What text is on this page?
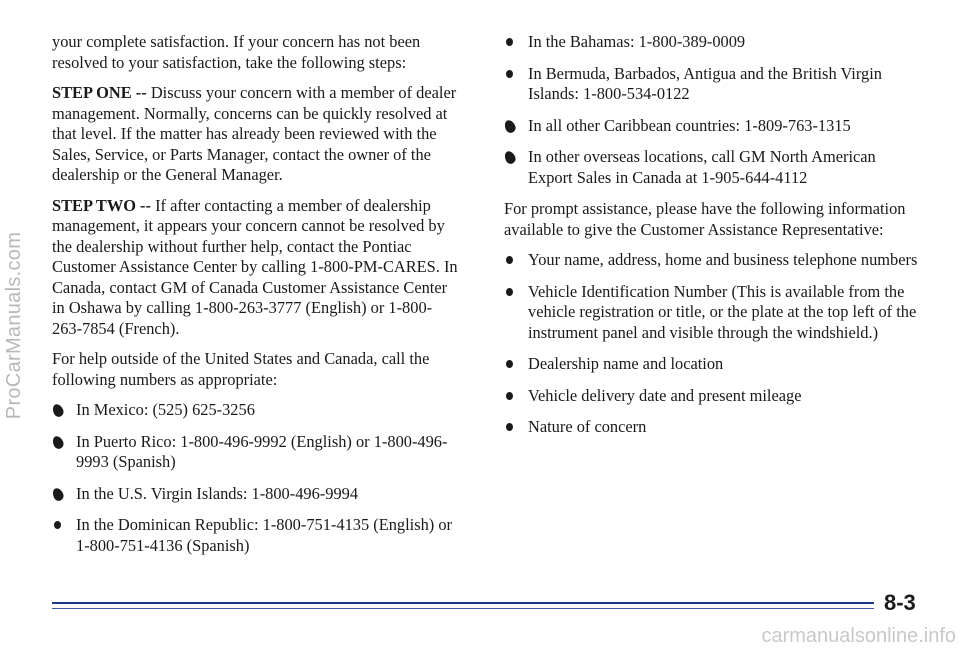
ProCarManuals.com

your complete satisfaction. If your concern has not been resolved to your satisfaction, take the following steps:

STEP ONE -- Discuss your concern with a member of dealer management. Normally, concerns can be quickly resolved at that level. If the matter has already been reviewed with the Sales, Service, or Parts Manager, contact the owner of the dealership or the General Manager.

STEP TWO -- If after contacting a member of dealership management, it appears your concern cannot be resolved by the dealership without further help, contact the Pontiac Customer Assistance Center by calling 1-800-PM-CARES. In Canada, contact GM of Canada Customer Assistance Center in Oshawa by calling 1-800-263-3777 (English) or 1-800-263-7854 (French).

For help outside of the United States and Canada, call the following numbers as appropriate:

In Mexico: (525) 625-3256
In Puerto Rico: 1-800-496-9992 (English) or 1-800-496-9993 (Spanish)
In the U.S. Virgin Islands: 1-800-496-9994
In the Dominican Republic: 1-800-751-4135 (English) or 1-800-751-4136 (Spanish)
In the Bahamas: 1-800-389-0009
In Bermuda, Barbados, Antigua and the British Virgin Islands: 1-800-534-0122
In all other Caribbean countries: 1-809-763-1315
In other overseas locations, call GM North American Export Sales in Canada at 1-905-644-4112

For prompt assistance, please have the following information available to give the Customer Assistance Representative:

Your name, address, home and business telephone numbers
Vehicle Identification Number (This is available from the vehicle registration or title, or the plate at the top left of the instrument panel and visible through the windshield.)
Dealership name and location
Vehicle delivery date and present mileage
Nature of concern
8-3
carmanualsonline.info
